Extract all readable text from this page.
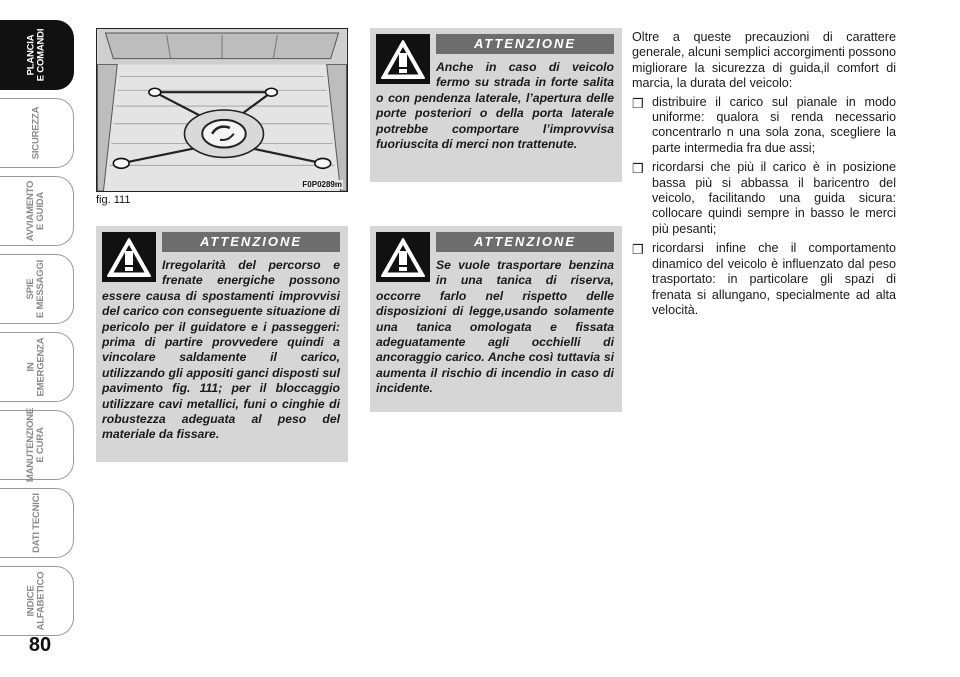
PLANCIA E COMANDI
SICUREZZA
AVVIAMENTO E GUIDA
SPIE E MESSAGGI
IN EMERGENZA
MANUTENZIONE E CURA
DATI TECNICI
INDICE ALFABETICO
80
F0P0289m
fig. 111
ATTENZIONE
Irregolarità del percorso e frenate energiche possono essere causa di spostamenti improvvisi del carico con conseguente situazione di pericolo per il guidatore e i passeggeri: prima di partire provvedere quindi a vincolare saldamente il carico, utilizzando gli appositi ganci disposti sul pavimento fig. 111; per il bloccaggio utilizzare cavi metallici, funi o cinghie di robustezza adeguata al peso del materiale da fissare.
ATTENZIONE
Anche in caso di veicolo fermo su strada in forte salita o con pendenza laterale, l’apertura delle porte posteriori o della porta laterale potrebbe comportare l’improvvisa fuoriuscita di merci non trattenute.
ATTENZIONE
Se vuole trasportare benzina in una tanica di riserva, occorre farlo nel rispetto delle disposizioni di legge,usando solamente una tanica omologata e fissata adeguatamente agli occhielli di ancoraggio carico. Anche così tuttavia si aumenta il rischio di incendio in caso di incidente.

Oltre a queste precauzioni di carattere generale, alcuni semplici accorgimenti possono migliorare la sicurezza di guida,il comfort di marcia, la durata del veicolo:

❒ distribuire il carico sul pianale in modo uniforme: qualora si renda necessario concentrarlo n una sola zona, scegliere la parte intermedia fra due assi;
❒ ricordarsi che più il carico è in posizione bassa più si abbassa il baricentro del veicolo, facilitando una guida sicura: collocare quindi sempre in basso le merci più pesanti;
❒ ricordarsi infine che il comportamento dinamico del veicolo è influenzato dal peso trasportato: in particolare gli spazi di frenata si allungano, specialmente ad alta velocità.
